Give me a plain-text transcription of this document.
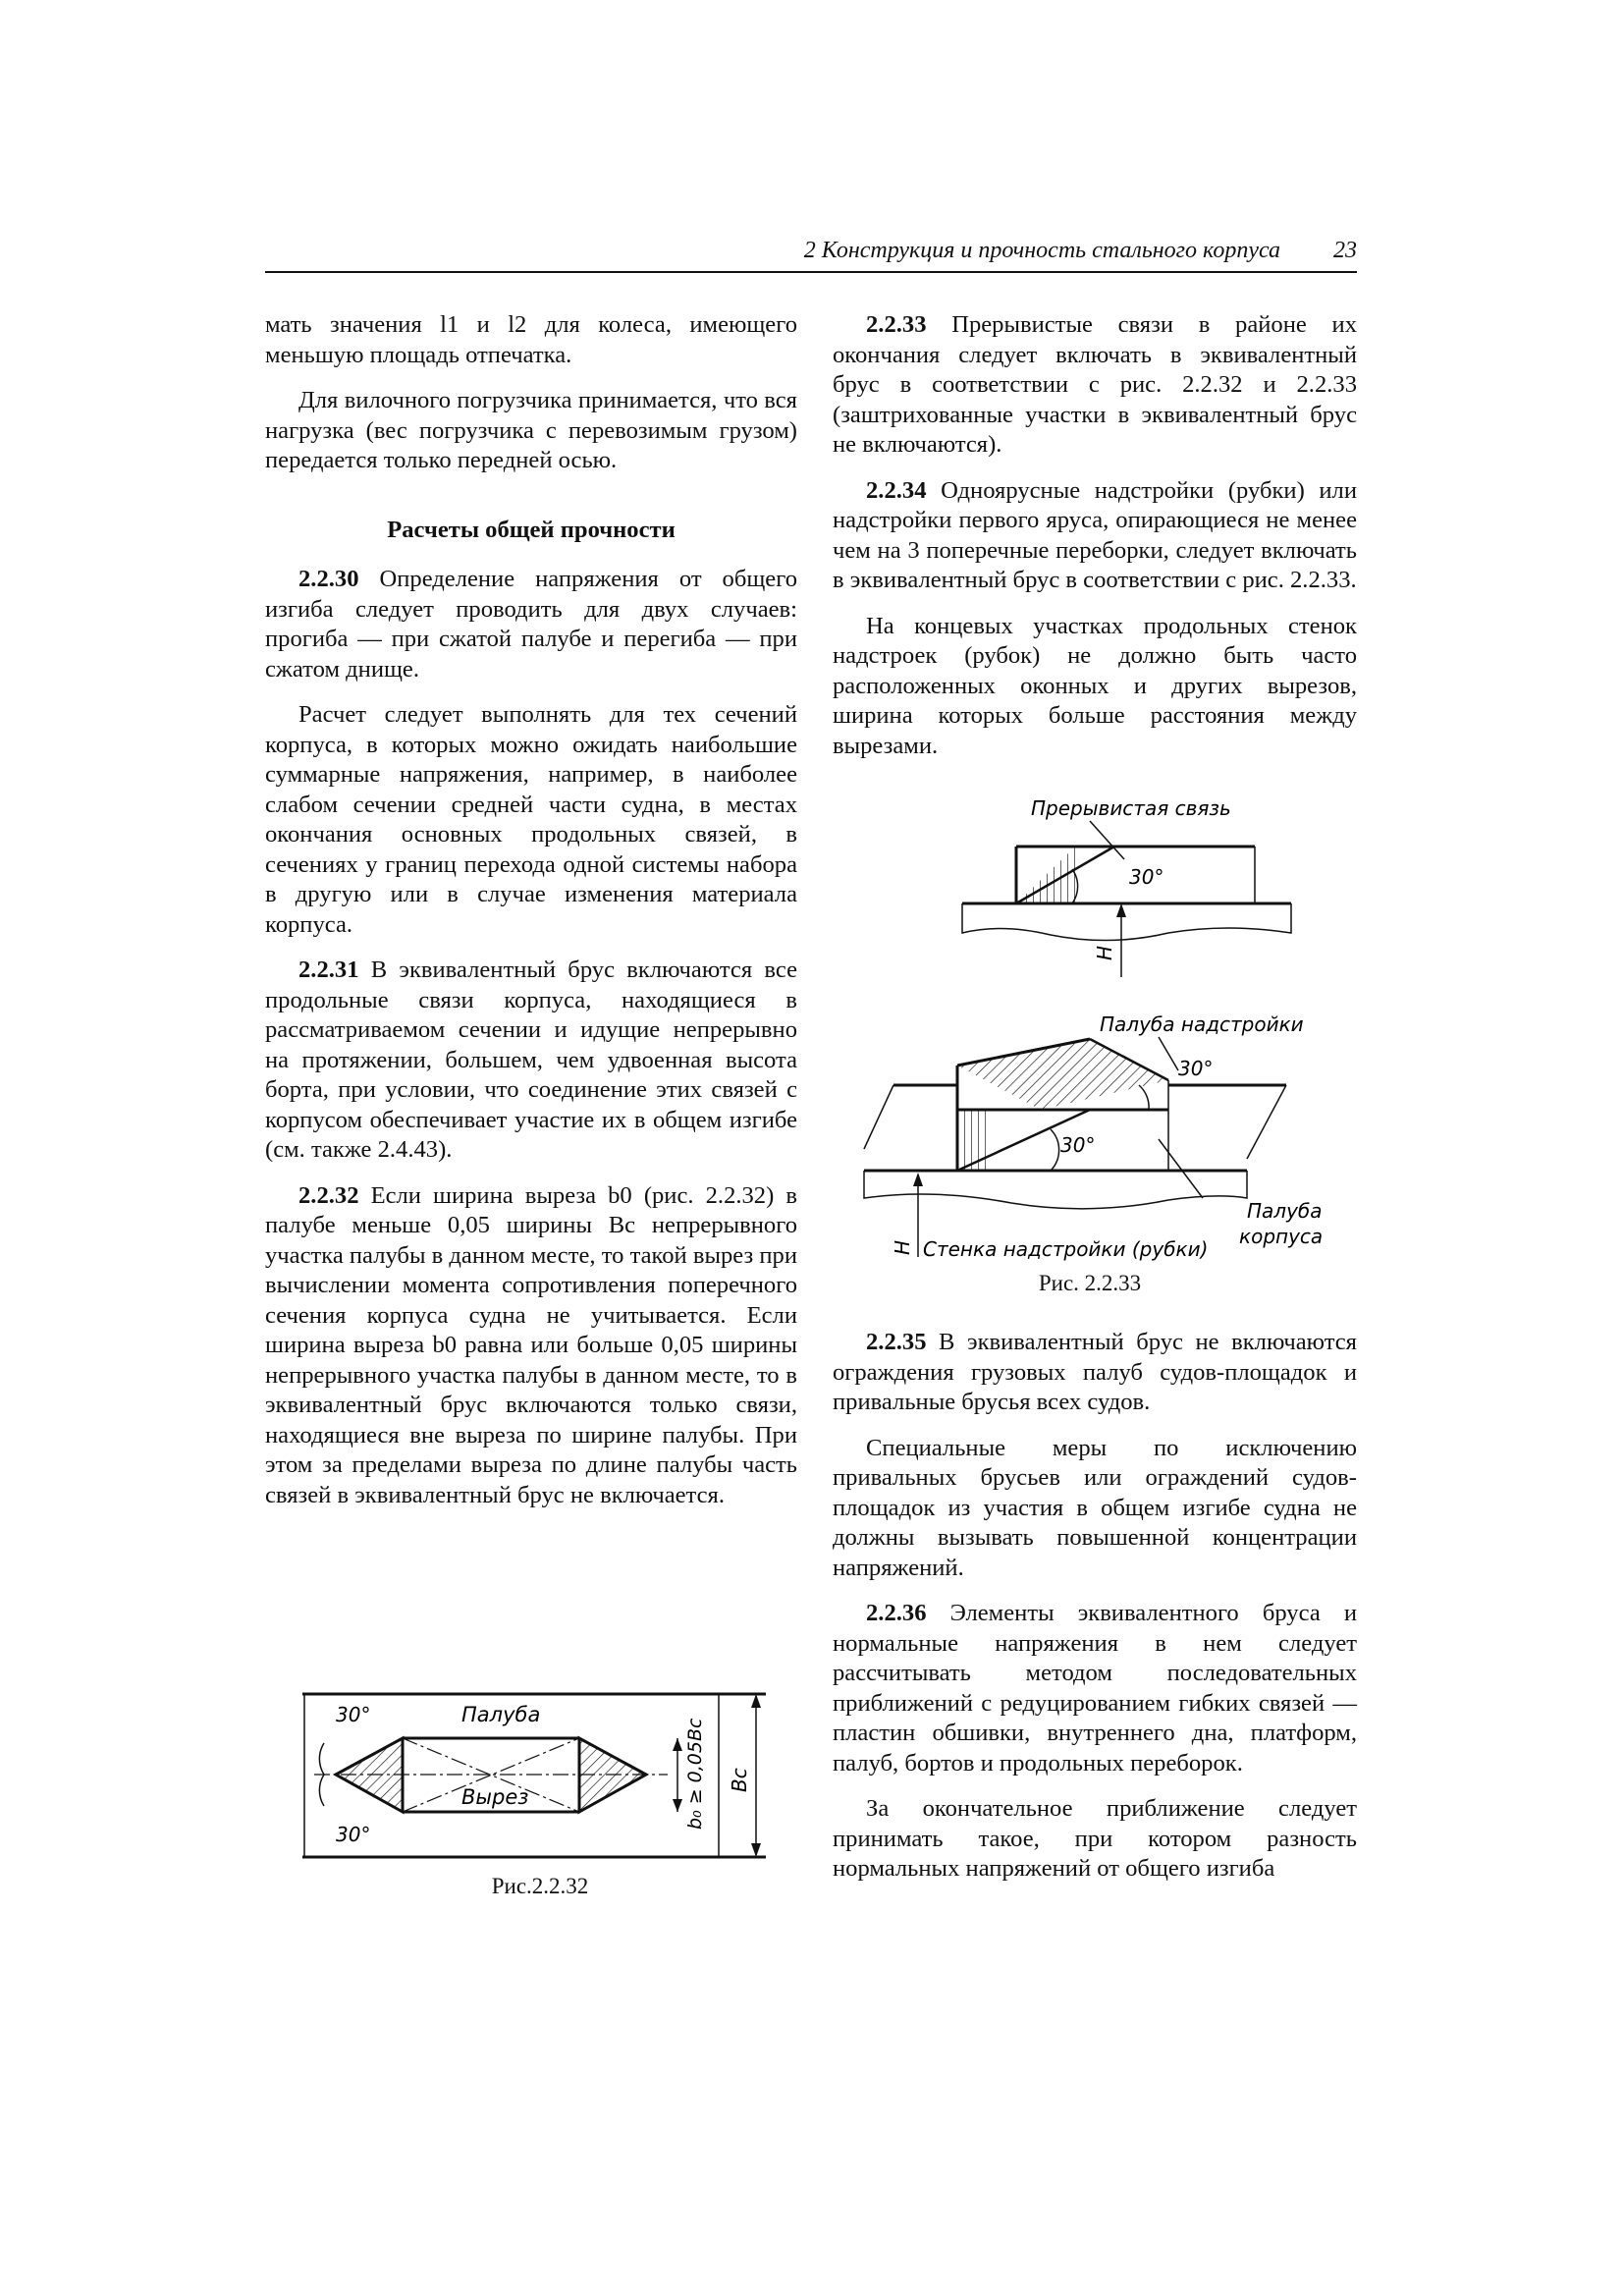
2 Конструкция и прочность стального корпуса 23

мать значения l1 и l2 для колеса, имеющего меньшую площадь отпечатка.

Для вилочного погрузчика принимается, что вся нагрузка (вес погрузчика с перевозимым грузом) передается только передней осью.

Расчеты общей прочности

2.2.30 Определение напряжения от общего изгиба следует проводить для двух случаев: прогиба — при сжатой палубе и перегиба — при сжатом днище.

Расчет следует выполнять для тех сечений корпуса, в которых можно ожидать наибольшие суммарные напряжения, например, в наиболее слабом сечении средней части судна, в местах окончания основных продольных связей, в сечениях у границ перехода одной системы набора в другую или в случае изменения материала корпуса.

2.2.31 В эквивалентный брус включаются все продольные связи корпуса, находящиеся в рассматриваемом сечении и идущие непрерывно на протяжении, большем, чем удвоенная высота борта, при условии, что соединение этих связей с корпусом обеспечивает участие их в общем изгибе (см. также 2.4.43).

2.2.32 Если ширина выреза b0 (рис. 2.2.32) в палубе меньше 0,05 ширины Bc непрерывного участка палубы в данном месте, то такой вырез при вычислении момента сопротивления поперечного сечения корпуса судна не учитывается. Если ширина выреза b0 равна или больше 0,05 ширины непрерывного участка палубы в данном месте, то в эквивалентный брус включаются только связи, находящиеся вне выреза по ширине палубы. При этом за пределами выреза по длине палубы часть связей в эквивалентный брус не включается.

2.2.33 Прерывистые связи в районе их окончания следует включать в эквивалентный брус в соответствии с рис. 2.2.32 и 2.2.33 (заштрихованные участки в эквивалентный брус не включаются).

2.2.34 Одноярусные надстройки (рубки) или надстройки первого яруса, опирающиеся не менее чем на 3 поперечные переборки, следует включать в эквивалентный брус в соответствии с рис. 2.2.33.

На концевых участках продольных стенок надстроек (рубок) не должно быть часто расположенных оконных и других вырезов, ширина которых больше расстояния между вырезами.

2.2.35 В эквивалентный брус не включаются ограждения грузовых палуб судов-площадок и привальные брусья всех судов.

Специальные меры по исключению привальных брусьев или ограждений судов-площадок из участия в общем изгибе судна не должны вызывать повышенной концентрации напряжений.

2.2.36 Элементы эквивалентного бруса и нормальные напряжения в нем следует рассчитывать методом последовательных приближений с редуцированием гибких связей — пластин обшивки, внутреннего дна, платформ, палуб, бортов и продольных переборок.

За окончательное приближение следует принимать такое, при котором разность нормальных напряжений от общего изгиба

Прерывистая связь
30°
H
Палуба надстройки
30°
30°
Палуба
корпуса
H Стенка надстройки (рубки)
Рис. 2.2.33
30°
30°
Палуба
Вырез	b₀ ≥ 0,05Bс Bс
Рис.2.2.32
